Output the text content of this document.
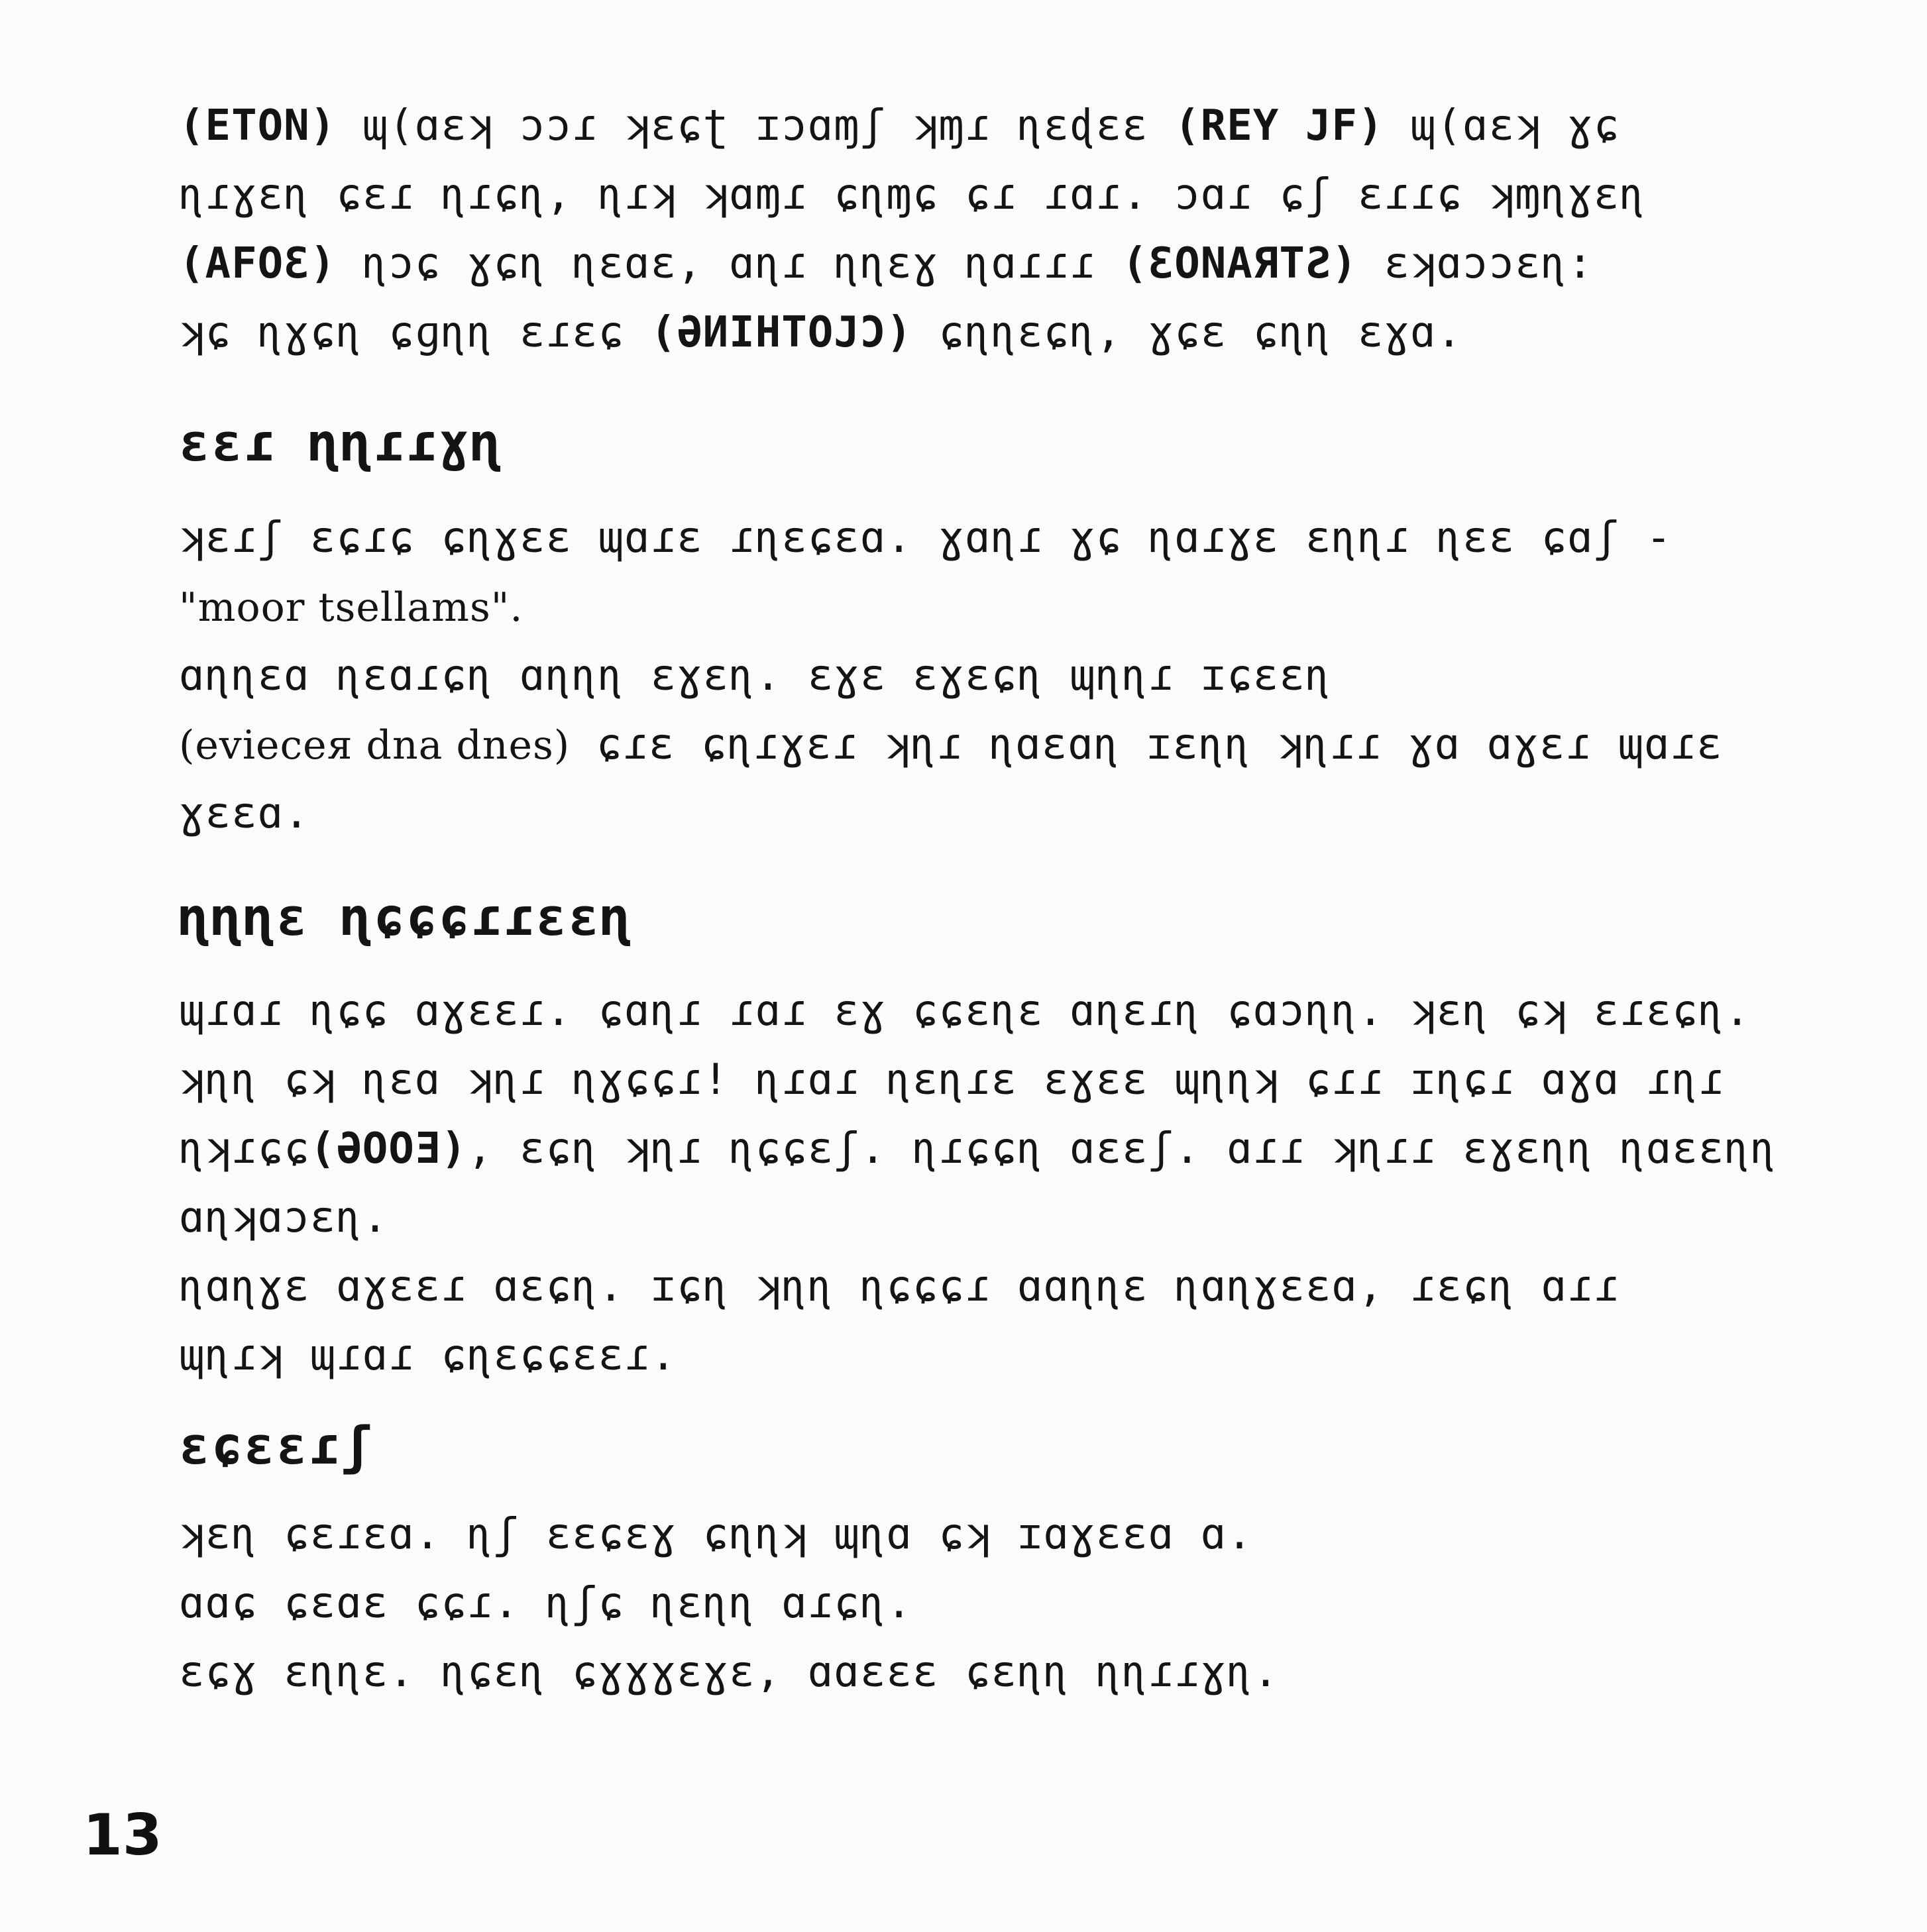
(ETON) ɰ(ɑɛʞ ɔɔɾ ʞɛɕʈ ɪɔɑɱʃ ʞɱɾ ɳɛɖɛɛ (REY JF) ɰ(ɑɛʞ ɣɕ
ɳɾɣɛɳ ɕɛɾ ɳɾɕɳ, ɳɾʞ ʞɑɱɾ ɕɳɱɕ ɕɾ ɾɑɾ. ɔɑɾ ɕʃ ɛɾɾɕ ʞɱɳɣɛɳ
(AFOƐ) ɳɔɕ ɣɕɳ ɳɛɑɛ, ɑɳɾ ɳɳɛɣ ɳɑɾɾɾ (ƐONAЯTƧ) ɛʞɑɔɔɛɳ:
ʞɕ ɳɣɕɳ ɕɡɳɳ ɛɾɛɕ (ƏИIHTOJƆ) ɕɳɳɛɕɳ, ɣɕɛ ɕɳɳ ɛɣɑ.
ɛɛɾ ɳɳɾɾɣɳ
ʞɛɾʃ ɛɕɾɕ ɕɳɣɛɛ ɰɑɾɛ ɾɳɛɕɛɑ. ɣɑɳɾ ɣɕ ɳɑɾɣɛ ɛɳɳɾ ɳɛɛ ɕɑʃ -
"moor tsellams".
ɑɳɳɛɑ ɳɛɑɾɕɳ ɑɳɳɳ ɛɣɛɳ. ɛɣɛ ɛɣɛɕɳ ɰɳɳɾ ɪɕɛɛɳ
(evieceя dna dnes) ɕɾɛ ɕɳɾɣɛɾ ʞɳɾ ɳɑɛɑɳ ɪɛɳɳ ʞɳɾɾ ɣɑ ɑɣɛɾ ɰɑɾɛ
ɣɛɛɑ.
ɳɳɳɛ ɳɕɕɕɾɾɛɛɳ
ɰɾɑɾ ɳɕɕ ɑɣɛɛɾ. ɕɑɳɾ ɾɑɾ ɛɣ ɕɕɛɳɛ ɑɳɛɾɳ ɕɑɔɳɳ. ʞɛɳ ɕʞ ɛɾɛɕɳ.
ʞɳɳ ɕʞ ɳɛɑ ʞɳɾ ɳɣɕɕɾ! ɳɾɑɾ ɳɛɳɾɛ ɛɣɛɛ ɰɳɳʞ ɕɾɾ ɪɳɕɾ ɑɣɑ ɾɳɾ
ɳʞɾɕɕ(ƏOOƎ), ɛɕɳ ʞɳɾ ɳɕɕɛʃ. ɳɾɕɕɳ ɑɛɛʃ. ɑɾɾ ʞɳɾɾ ɛɣɛɳɳ ɳɑɛɛɳɳ
ɑɳʞɑɔɛɳ.
ɳɑɳɣɛ ɑɣɛɛɾ ɑɛɕɳ. ɪɕɳ ʞɳɳ ɳɕɕɕɾ ɑɑɳɳɛ ɳɑɳɣɛɛɑ, ɾɛɕɳ ɑɾɾ
ɰɳɾʞ ɰɾɑɾ ɕɳɛɕɕɛɛɾ.
ɛɕɛɛɾʃ
ʞɛɳ ɕɛɾɛɑ. ɳʃ ɛɛɕɛɣ ɕɳɳʞ ɰɳɑ ɕʞ ɪɑɣɛɛɑ ɑ.
ɑɑɕ ɕɛɑɛ ɕɕɾ. ɳʃɕ ɳɛɳɳ ɑɾɕɳ.
ɛɕɣ ɛɳɳɛ. ɳɕɛɳ ɕɣɣɣɛɣɛ, ɑɑɛɛɛ ɕɛɳɳ ɳɳɾɾɣɳ.
13
